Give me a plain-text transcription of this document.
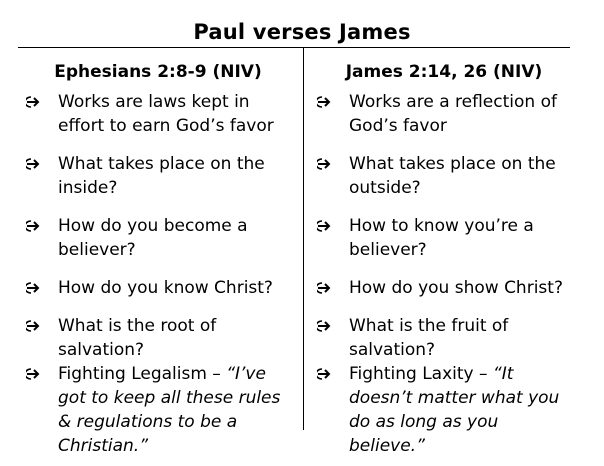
Paul verses James
Ephesians 2:8-9 (NIV)
Works are laws kept in effort to earn God’s favor
What takes place on the inside?
How do you become a believer?
How do you know Christ?
What is the root of salvation?
Fighting Legalism – “I’ve got to keep all these rules & regulations to be a Christian.”
James 2:14, 26 (NIV)
Works are a reflection of God’s favor
What takes place on the outside?
How to know you’re a believer?
How do you show Christ?
What is the fruit of salvation?
Fighting Laxity – “It doesn’t matter what you do as long as you believe.”
